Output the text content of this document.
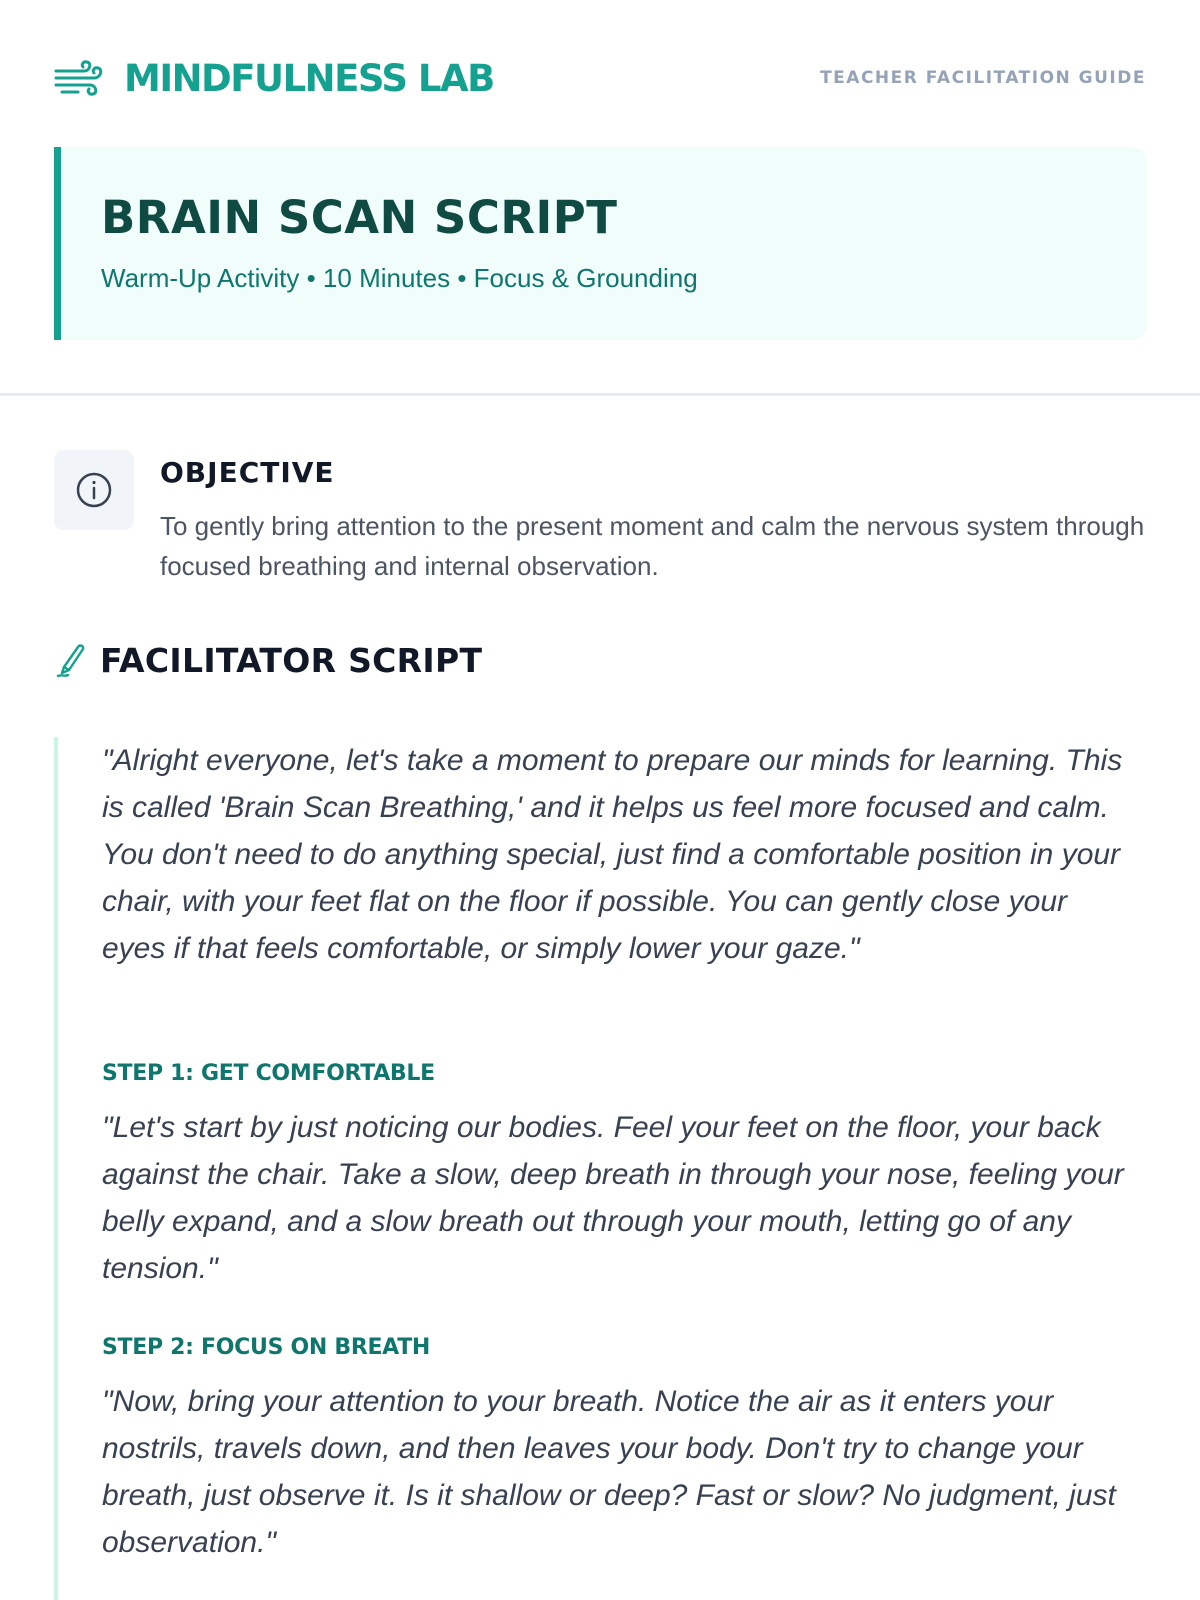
MINDFULNESS LAB	TEACHER FACILITATION GUIDE
BRAIN SCAN SCRIPT
Warm-Up Activity • 10 Minutes • Focus & Grounding
OBJECTIVE
To gently bring attention to the present moment and calm the nervous system through focused breathing and internal observation.
FACILITATOR SCRIPT

"Alright everyone, let's take a moment to prepare our minds for learning. This is called 'Brain Scan Breathing,' and it helps us feel more focused and calm. You don't need to do anything special, just find a comfortable position in your chair, with your feet flat on the floor if possible. You can gently close your eyes if that feels comfortable, or simply lower your gaze."

STEP 1: GET COMFORTABLE

"Let's start by just noticing our bodies. Feel your feet on the floor, your back against the chair. Take a slow, deep breath in through your nose, feeling your belly expand, and a slow breath out through your mouth, letting go of any tension."

STEP 2: FOCUS ON BREATH

"Now, bring your attention to your breath. Notice the air as it enters your nostrils, travels down, and then leaves your body. Don't try to change your breath, just observe it. Is it shallow or deep? Fast or slow? No judgment, just observation."
